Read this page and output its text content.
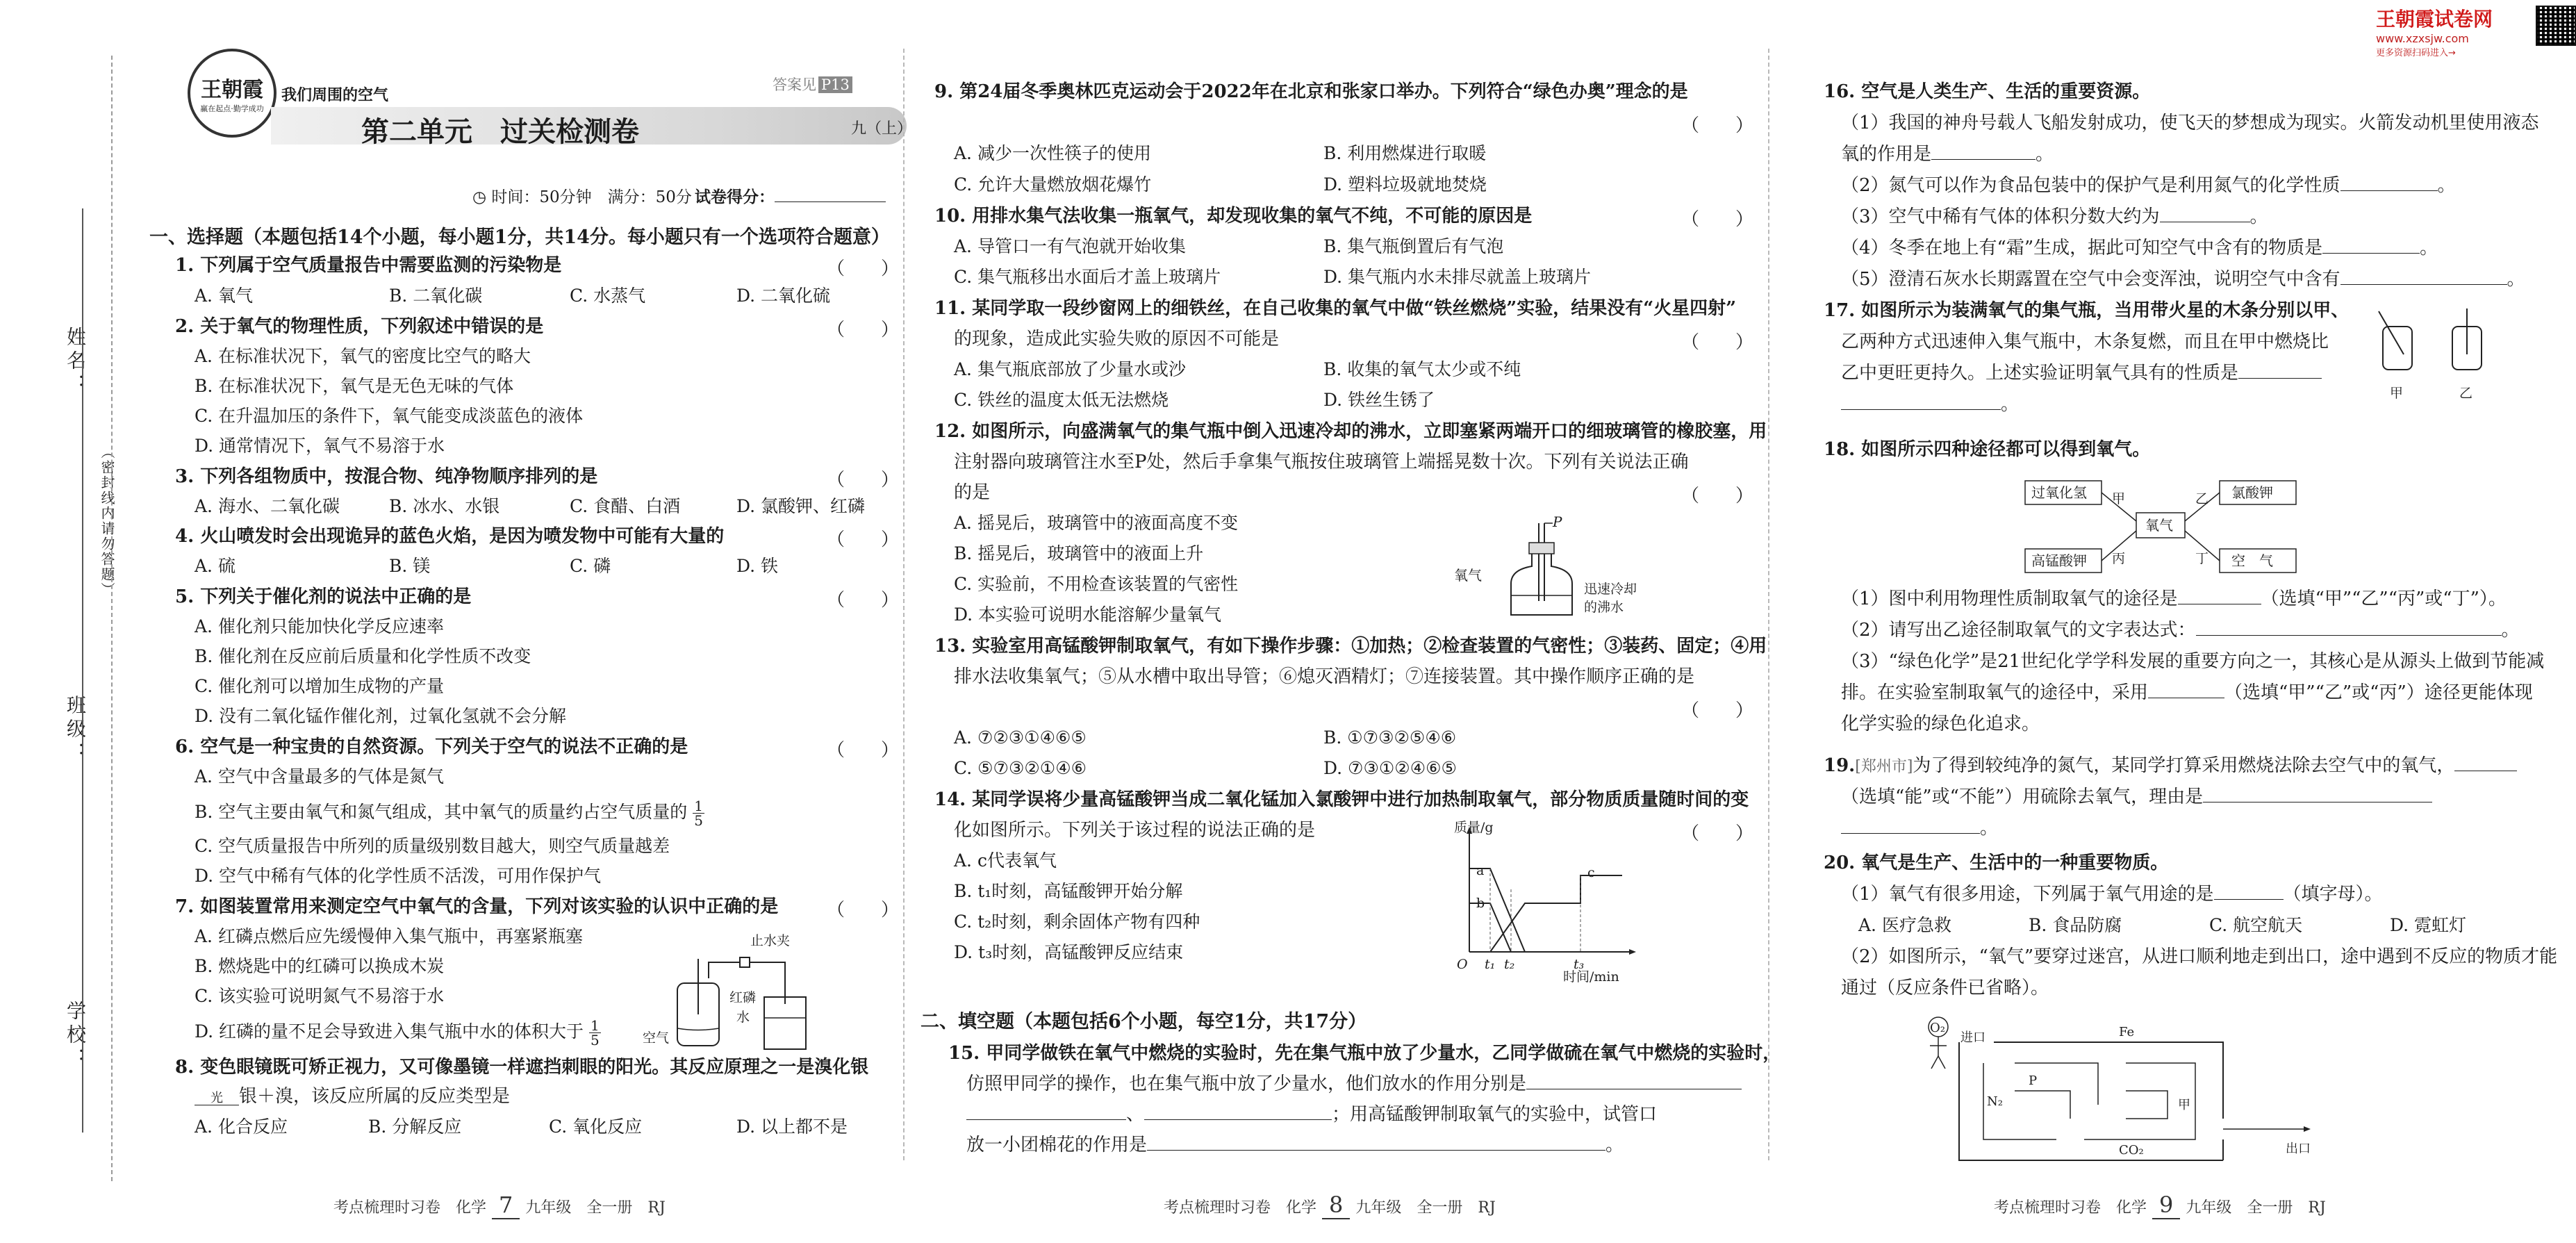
姓名：
班级：
学校：
（密封线内请勿答题）
王朝霞试卷网
www.xzxsjw.com
更多资源扫码进入→
王朝霞
赢在起点·勤学成功
我们周围的空气
答案见 P13
第二单元　过关检测卷	九（上）
◷ 时间：50分钟　满分：50分 试卷得分：
一、选择题（本题包括14个小题，每小题1分，共14分。每小题只有一个选项符合题意）
1. 下列属于空气质量报告中需要监测的污染物是	（　　）
A. 氧气	B. 二氧化碳	C. 水蒸气	D. 二氧化硫
2. 关于氧气的物理性质，下列叙述中错误的是	（　　）
A. 在标准状况下，氧气的密度比空气的略大
B. 在标准状况下，氧气是无色无味的气体
C. 在升温加压的条件下，氧气能变成淡蓝色的液体
D. 通常情况下，氧气不易溶于水
3. 下列各组物质中，按混合物、纯净物顺序排列的是	（　　）
A. 海水、二氧化碳	B. 冰水、水银	C. 食醋、白酒	D. 氯酸钾、红磷
4. 火山喷发时会出现诡异的蓝色火焰，是因为喷发物中可能有大量的	（　　）
A. 硫	B. 镁	C. 磷	D. 铁
5. 下列关于催化剂的说法中正确的是	（　　）
A. 催化剂只能加快化学反应速率
B. 催化剂在反应前后质量和化学性质不改变
C. 催化剂可以增加生成物的产量
D. 没有二氧化锰作催化剂，过氧化氢就不会分解
6. 空气是一种宝贵的自然资源。下列关于空气的说法不正确的是	（　　）
A. 空气中含量最多的气体是氮气
B. 空气主要由氧气和氮气组成，其中氧气的质量约占空气质量的 $\frac{1}{5}$
C. 空气质量报告中所列的质量级别数目越大，则空气质量越差
D. 空气中稀有气体的化学性质不活泼，可用作保护气
7. 如图装置常用来测定空气中氧气的含量，下列对该实验的认识中正确的是	（　　）
A. 红磷点燃后应先缓慢伸入集气瓶中，再塞紧瓶塞
B. 燃烧匙中的红磷可以换成木炭
C. 该实验可说明氮气不易溶于水
D. 红磷的量不足会导致进入集气瓶中水的体积大于 $\frac{1}{5}$
止水夹
红磷
水
空气
8. 变色眼镜既可矫正视力，又可像墨镜一样遮挡刺眼的阳光。其反应原理之一是溴化银
光 银＋溴，该反应所属的反应类型是
A. 化合反应	B. 分解反应	C. 氧化反应	D. 以上都不是
考点梳理时习卷　化学 7 九年级　全一册　RJ
9. 第24届冬季奥林匹克运动会于2022年在北京和张家口举办。下列符合“绿色办奥”理念的是
（　　）
A. 减少一次性筷子的使用	B. 利用燃煤进行取暖
C. 允许大量燃放烟花爆竹	D. 塑料垃圾就地焚烧
10. 用排水集气法收集一瓶氧气，却发现收集的氧气不纯，不可能的原因是	（　　）
A. 导管口一有气泡就开始收集	B. 集气瓶倒置后有气泡
C. 集气瓶移出水面后才盖上玻璃片	D. 集气瓶内水未排尽就盖上玻璃片
11. 某同学取一段纱窗网上的细铁丝，在自己收集的氧气中做“铁丝燃烧”实验，结果没有“火星四射”
的现象，造成此实验失败的原因不可能是	（　　）
A. 集气瓶底部放了少量水或沙	B. 收集的氧气太少或不纯
C. 铁丝的温度太低无法燃烧	D. 铁丝生锈了
12. 如图所示，向盛满氧气的集气瓶中倒入迅速冷却的沸水，立即塞紧两端开口的细玻璃管的橡胶塞，用
注射器向玻璃管注水至P处，然后手拿集气瓶按住玻璃管上端摇晃数十次。下列有关说法正确
的是	（　　）
A. 摇晃后，玻璃管中的液面高度不变
B. 摇晃后，玻璃管中的液面上升
C. 实验前，不用检查该装置的气密性
D. 本实验可说明水能溶解少量氧气
P
氧气
迅速冷却
的沸水
13. 实验室用高锰酸钾制取氧气，有如下操作步骤：①加热；②检查装置的气密性；③装药、固定；④用
排水法收集氧气；⑤从水槽中取出导管；⑥熄灭酒精灯；⑦连接装置。其中操作顺序正确的是
（　　）
A. ⑦②③①④⑥⑤	B. ①⑦③②⑤④⑥
C. ⑤⑦③②①④⑥	D. ⑦③①②④⑥⑤
14. 某同学误将少量高锰酸钾当成二氧化锰加入氯酸钾中进行加热制取氧气，部分物质质量随时间的变
化如图所示。下列关于该过程的说法正确的是	（　　）
A. c代表氧气
B. t₁时刻，高锰酸钾开始分解
C. t₂时刻，剩余固体产物有四种
D. t₃时刻，高锰酸钾反应结束
质量/g
时间/min
a
b
c
O t₁ t₂	t₃
二、填空题（本题包括6个小题，每空1分，共17分）
15. 甲同学做铁在氧气中燃烧的实验时，先在集气瓶中放了少量水，乙同学做硫在氧气中燃烧的实验时，
仿照甲同学的操作，也在集气瓶中放了少量水，他们放水的作用分别是
、	；用高锰酸钾制取氧气的实验中，试管口
放一小团棉花的作用是	。
考点梳理时习卷　化学 8 九年级　全一册　RJ
16. 空气是人类生产、生活的重要资源。
（1）我国的神舟号载人飞船发射成功，使飞天的梦想成为现实。火箭发动机里使用液态
氧的作用是	。
（2）氮气可以作为食品包装中的保护气是利用氮气的化学性质	。
（3）空气中稀有气体的体积分数大约为	。
（4）冬季在地上有“霜”生成，据此可知空气中含有的物质是	。
（5）澄清石灰水长期露置在空气中会变浑浊，说明空气中含有	。
17. 如图所示为装满氧气的集气瓶，当用带火星的木条分别以甲、
乙两种方式迅速伸入集气瓶中，木条复燃，而且在甲中燃烧比
乙中更旺更持久。上述实验证明氧气具有的性质是
。
甲	乙
18. 如图所示四种途径都可以得到氧气。
过氧化氢	氯酸钾
高锰酸钾	空　气
氧气
甲	乙
丙	丁
（1）图中利用物理性质制取氧气的途径是	（选填“甲”“乙”“丙”或“丁”）。
（2）请写出乙途径制取氧气的文字表达式：	。
（3）“绿色化学”是21世纪化学学科发展的重要方向之一，其核心是从源头上做到节能减
排。在实验室制取氧气的途径中，采用	（选填“甲”“乙”或“丙”）途径更能体现
化学实验的绿色化追求。
19.[郑州市]为了得到较纯净的氮气，某同学打算采用燃烧法除去空气中的氧气，
（选填“能”或“不能”）用硫除去氧气，理由是
。
20. 氧气是生产、生活中的一种重要物质。
（1）氧气有很多用途，下列属于氧气用途的是	（填字母）。
A. 医疗急救	B. 食品防腐	C. 航空航天	D. 霓虹灯
（2）如图所示，“氧气”要穿过迷宫，从进口顺利地走到出口，途中遇到不反应的物质才能
通过（反应条件已省略）。
O₂
进口
出口
Fe
N₂
P
甲
CO₂
考点梳理时习卷　化学 9 九年级　全一册　RJ
